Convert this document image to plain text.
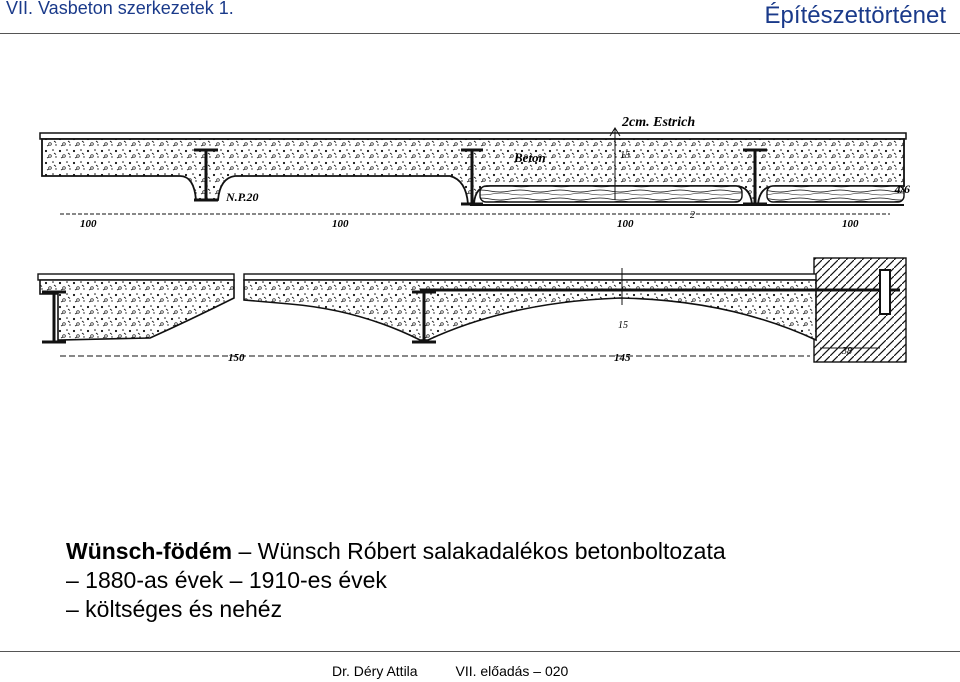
VII. Vasbeton szerkezetek 1.	Építészettörténet
2cm. Estrich
Beton
N.P.20
15
4/6
2
100	100	100	100
15
150	145
38
Wünsch-födém – Wünsch Róbert salakadalékos betonboltozata
– 1880-as évek – 1910-es évek
– költséges és nehéz
Dr. Déry Attila	VII. előadás – 020
